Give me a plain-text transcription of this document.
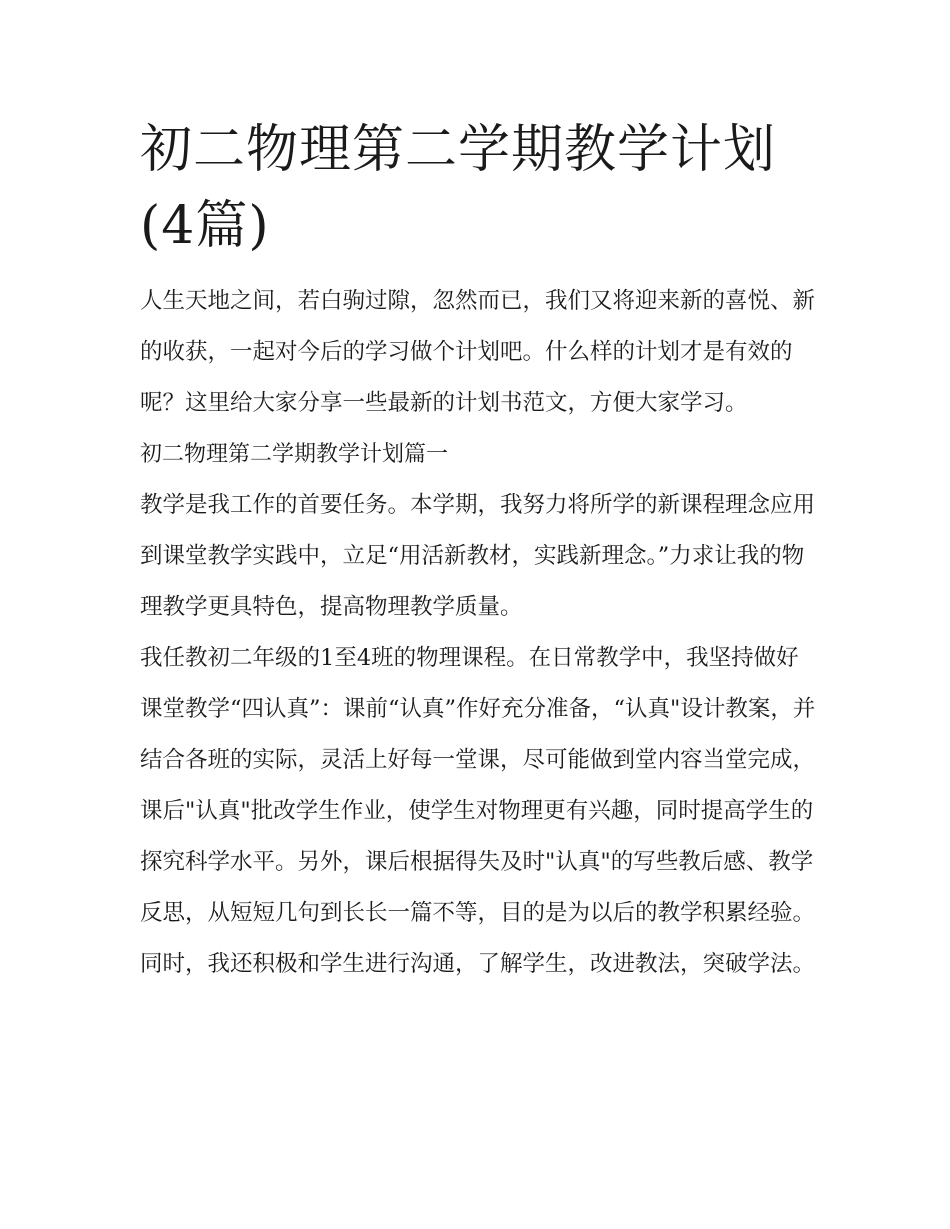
初二物理第二学期教学计划(4篇)

人生天地之间，若白驹过隙，忽然而已，我们又将迎来新的喜悦、新的收获，一起对今后的学习做个计划吧。什么样的计划才是有效的呢？这里给大家分享一些最新的计划书范文，方便大家学习。

初二物理第二学期教学计划篇一

教学是我工作的首要任务。本学期，我努力将所学的新课程理念应用到课堂教学实践中，立足“用活新教材，实践新理念。”力求让我的物理教学更具特色，提高物理教学质量。

我任教初二年级的1至4班的物理课程。在日常教学中，我坚持做好课堂教学“四认真”：课前“认真”作好充分准备，“认真"设计教案，并结合各班的实际，灵活上好每一堂课，尽可能做到堂内容当堂完成，课后"认真"批改学生作业，使学生对物理更有兴趣，同时提高学生的探究科学水平。另外，课后根据得失及时"认真"的写些教后感、教学反思，从短短几句到长长一篇不等，目的是为以后的教学积累经验。同时，我还积极和学生进行沟通，了解学生，改进教法，突破学法。
